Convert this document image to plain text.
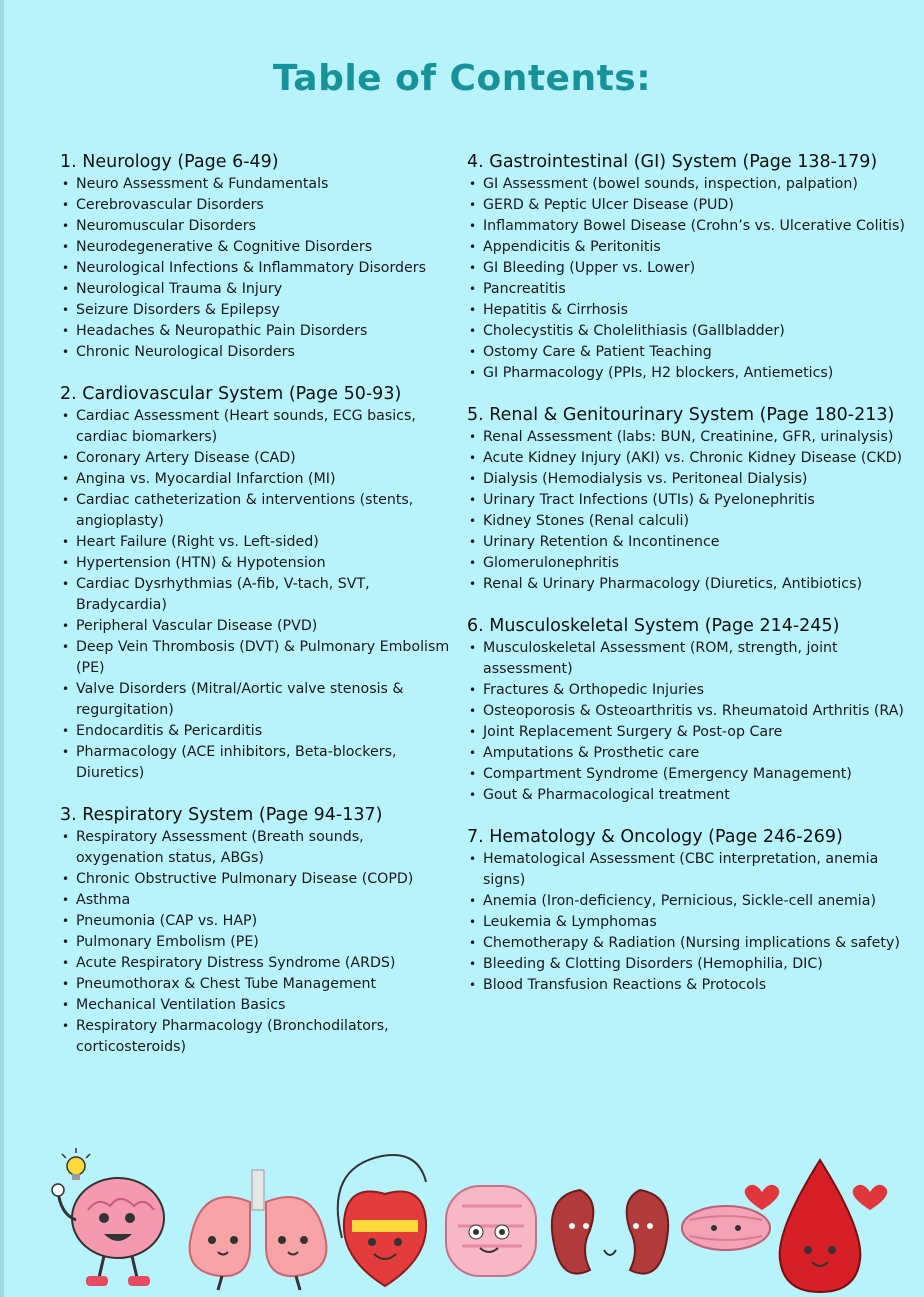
Table of Contents:
1. Neurology (Page 6-49)
• Neuro Assessment & Fundamentals
• Cerebrovascular Disorders
• Neuromuscular Disorders
• Neurodegenerative & Cognitive Disorders
• Neurological Infections & Inflammatory Disorders
• Neurological Trauma & Injury
• Seizure Disorders & Epilepsy
• Headaches & Neuropathic Pain Disorders
• Chronic Neurological Disorders
2. Cardiovascular System (Page 50-93)
• Cardiac Assessment (Heart sounds, ECG basics, cardiac biomarkers)
• Coronary Artery Disease (CAD)
• Angina vs. Myocardial Infarction (MI)
• Cardiac catheterization & interventions (stents, angioplasty)
• Heart Failure (Right vs. Left-sided)
• Hypertension (HTN) & Hypotension
• Cardiac Dysrhythmias (A-fib, V-tach, SVT, Bradycardia)
• Peripheral Vascular Disease (PVD)
• Deep Vein Thrombosis (DVT) & Pulmonary Embolism (PE)
• Valve Disorders (Mitral/Aortic valve stenosis & regurgitation)
• Endocarditis & Pericarditis
• Pharmacology (ACE inhibitors, Beta-blockers, Diuretics)
3. Respiratory System (Page 94-137)
• Respiratory Assessment (Breath sounds, oxygenation status, ABGs)
• Chronic Obstructive Pulmonary Disease (COPD)
• Asthma
• Pneumonia (CAP vs. HAP)
• Pulmonary Embolism (PE)
• Acute Respiratory Distress Syndrome (ARDS)
• Pneumothorax & Chest Tube Management
• Mechanical Ventilation Basics
• Respiratory Pharmacology (Bronchodilators, corticosteroids)
4. Gastrointestinal (GI) System (Page 138-179)
• GI Assessment (bowel sounds, inspection, palpation)
• GERD & Peptic Ulcer Disease (PUD)
• Inflammatory Bowel Disease (Crohn’s vs. Ulcerative Colitis)
• Appendicitis & Peritonitis
• GI Bleeding (Upper vs. Lower)
• Pancreatitis
• Hepatitis & Cirrhosis
• Cholecystitis & Cholelithiasis (Gallbladder)
• Ostomy Care & Patient Teaching
• GI Pharmacology (PPIs, H2 blockers, Antiemetics)
5. Renal & Genitourinary System (Page 180-213)
• Renal Assessment (labs: BUN, Creatinine, GFR, urinalysis)
• Acute Kidney Injury (AKI) vs. Chronic Kidney Disease (CKD)
• Dialysis (Hemodialysis vs. Peritoneal Dialysis)
• Urinary Tract Infections (UTIs) & Pyelonephritis
• Kidney Stones (Renal calculi)
• Urinary Retention & Incontinence
• Glomerulonephritis
• Renal & Urinary Pharmacology (Diuretics, Antibiotics)
6. Musculoskeletal System (Page 214-245)
• Musculoskeletal Assessment (ROM, strength, joint assessment)
• Fractures & Orthopedic Injuries
• Osteoporosis & Osteoarthritis vs. Rheumatoid Arthritis (RA)
• Joint Replacement Surgery & Post-op Care
• Amputations & Prosthetic care
• Compartment Syndrome (Emergency Management)
• Gout & Pharmacological treatment
7. Hematology & Oncology (Page 246-269)
• Hematological Assessment (CBC interpretation, anemia signs)
• Anemia (Iron-deficiency, Pernicious, Sickle-cell anemia)
• Leukemia & Lymphomas
• Chemotherapy & Radiation (Nursing implications & safety)
• Bleeding & Clotting Disorders (Hemophilia, DIC)
• Blood Transfusion Reactions & Protocols
